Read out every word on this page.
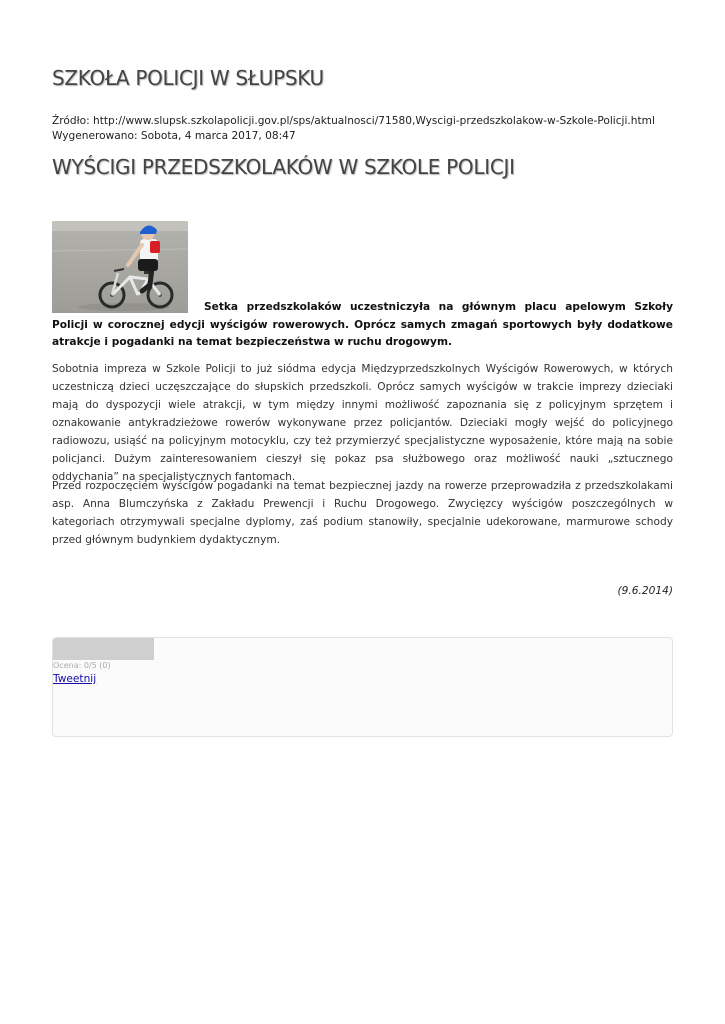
SZKOŁA POLICJI W SŁUPSKU
Źródło: http://www.slupsk.szkolapolicji.gov.pl/sps/aktualnosci/71580,Wyscigi-przedszkolakow-w-Szkole-Policji.html
Wygenerowano: Sobota, 4 marca 2017, 08:47
WYŚCIGI PRZEDSZKOLAKÓW W SZKOLE POLICJI

Setka przedszkolaków uczestniczyła na głównym placu apelowym Szkoły Policji w corocznej edycji wyścigów rowerowych. Oprócz samych zmagań sportowych były dodatkowe atrakcje i pogadanki na temat bezpieczeństwa w ruchu drogowym.

Sobotnia impreza w Szkole Policji to już siódma edycja Międzyprzedszkolnych Wyścigów Rowerowych, w których uczestniczą dzieci uczęszczające do słupskich przedszkoli. Oprócz samych wyścigów w trakcie imprezy dzieciaki mają do dyspozycji wiele atrakcji, w tym między innymi możliwość zapoznania się z policyjnym sprzętem i oznakowanie antykradzieżowe rowerów wykonywane przez policjantów. Dzieciaki mogły wejść do policyjnego radiowozu, usiąść na policyjnym motocyklu, czy też przymierzyć specjalistyczne wyposażenie, które mają na sobie policjanci. Dużym zainteresowaniem cieszył się pokaz psa służbowego oraz możliwość nauki „sztucznego oddychania” na specjalistycznych fantomach.

Przed rozpoczęciem wyścigów pogadanki na temat bezpiecznej jazdy na rowerze przeprowadziła z przedszkolakami asp. Anna Blumczyńska z Zakładu Prewencji i Ruchu Drogowego. Zwycięzcy wyścigów poszczególnych w kategoriach otrzymywali specjalne dyplomy, zaś podium stanowiły, specjalnie udekorowane, marmurowe schody przed głównym budynkiem dydaktycznym.

(9.6.2014)
Ocena: 0/5 (0)
Tweetnij
